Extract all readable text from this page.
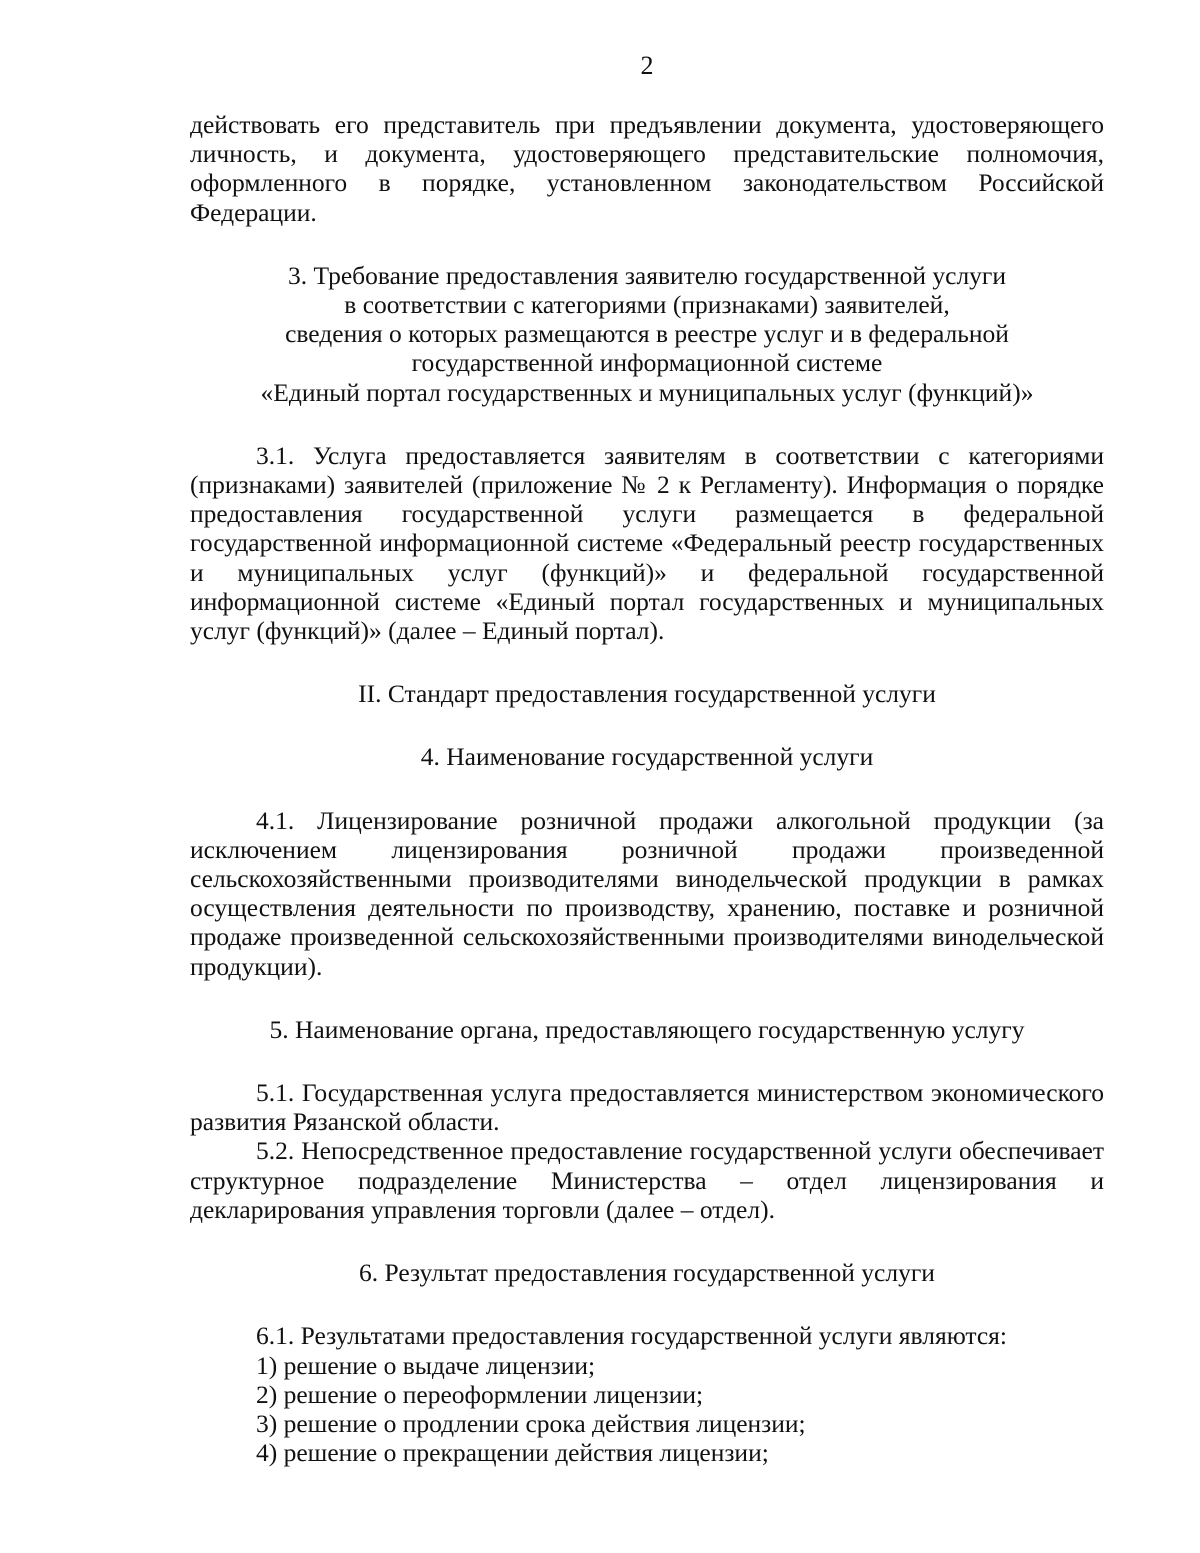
2

действовать его представитель при предъявлении документа, удостоверяющего личность, и документа, удостоверяющего представительские полномочия, оформленного в порядке, установленном законодательством Российской Федерации.

3. Требование предоставления заявителю государственной услуги
в соответствии с категориями (признаками) заявителей,
сведения о которых размещаются в реестре услуг и в федеральной
государственной информационной системе
«Единый портал государственных и муниципальных услуг (функций)»

3.1. Услуга предоставляется заявителям в соответствии с категориями (признаками) заявителей (приложение № 2 к Регламенту). Информация о порядке предоставления государственной услуги размещается в федеральной государственной информационной системе «Федеральный реестр государственных и муниципальных услуг (функций)» и федеральной государственной информационной системе «Единый портал государственных и муниципальных услуг (функций)» (далее – Единый портал).

II. Стандарт предоставления государственной услуги

4. Наименование государственной услуги

4.1. Лицензирование розничной продажи алкогольной продукции (за исключением лицензирования розничной продажи произведенной сельскохозяйственными производителями винодельческой продукции в рамках осуществления деятельности по производству, хранению, поставке и розничной продаже произведенной сельскохозяйственными производителями винодельческой продукции).

5. Наименование органа, предоставляющего государственную услугу

5.1. Государственная услуга предоставляется министерством экономического развития Рязанской области.

5.2. Непосредственное предоставление государственной услуги обеспечивает структурное подразделение Министерства – отдел лицензирования и декларирования управления торговли (далее – отдел).

6. Результат предоставления государственной услуги

6.1. Результатами предоставления государственной услуги являются:

1) решение о выдаче лицензии;

2) решение о переоформлении лицензии;

3) решение о продлении срока действия лицензии;

4) решение о прекращении действия лицензии;
